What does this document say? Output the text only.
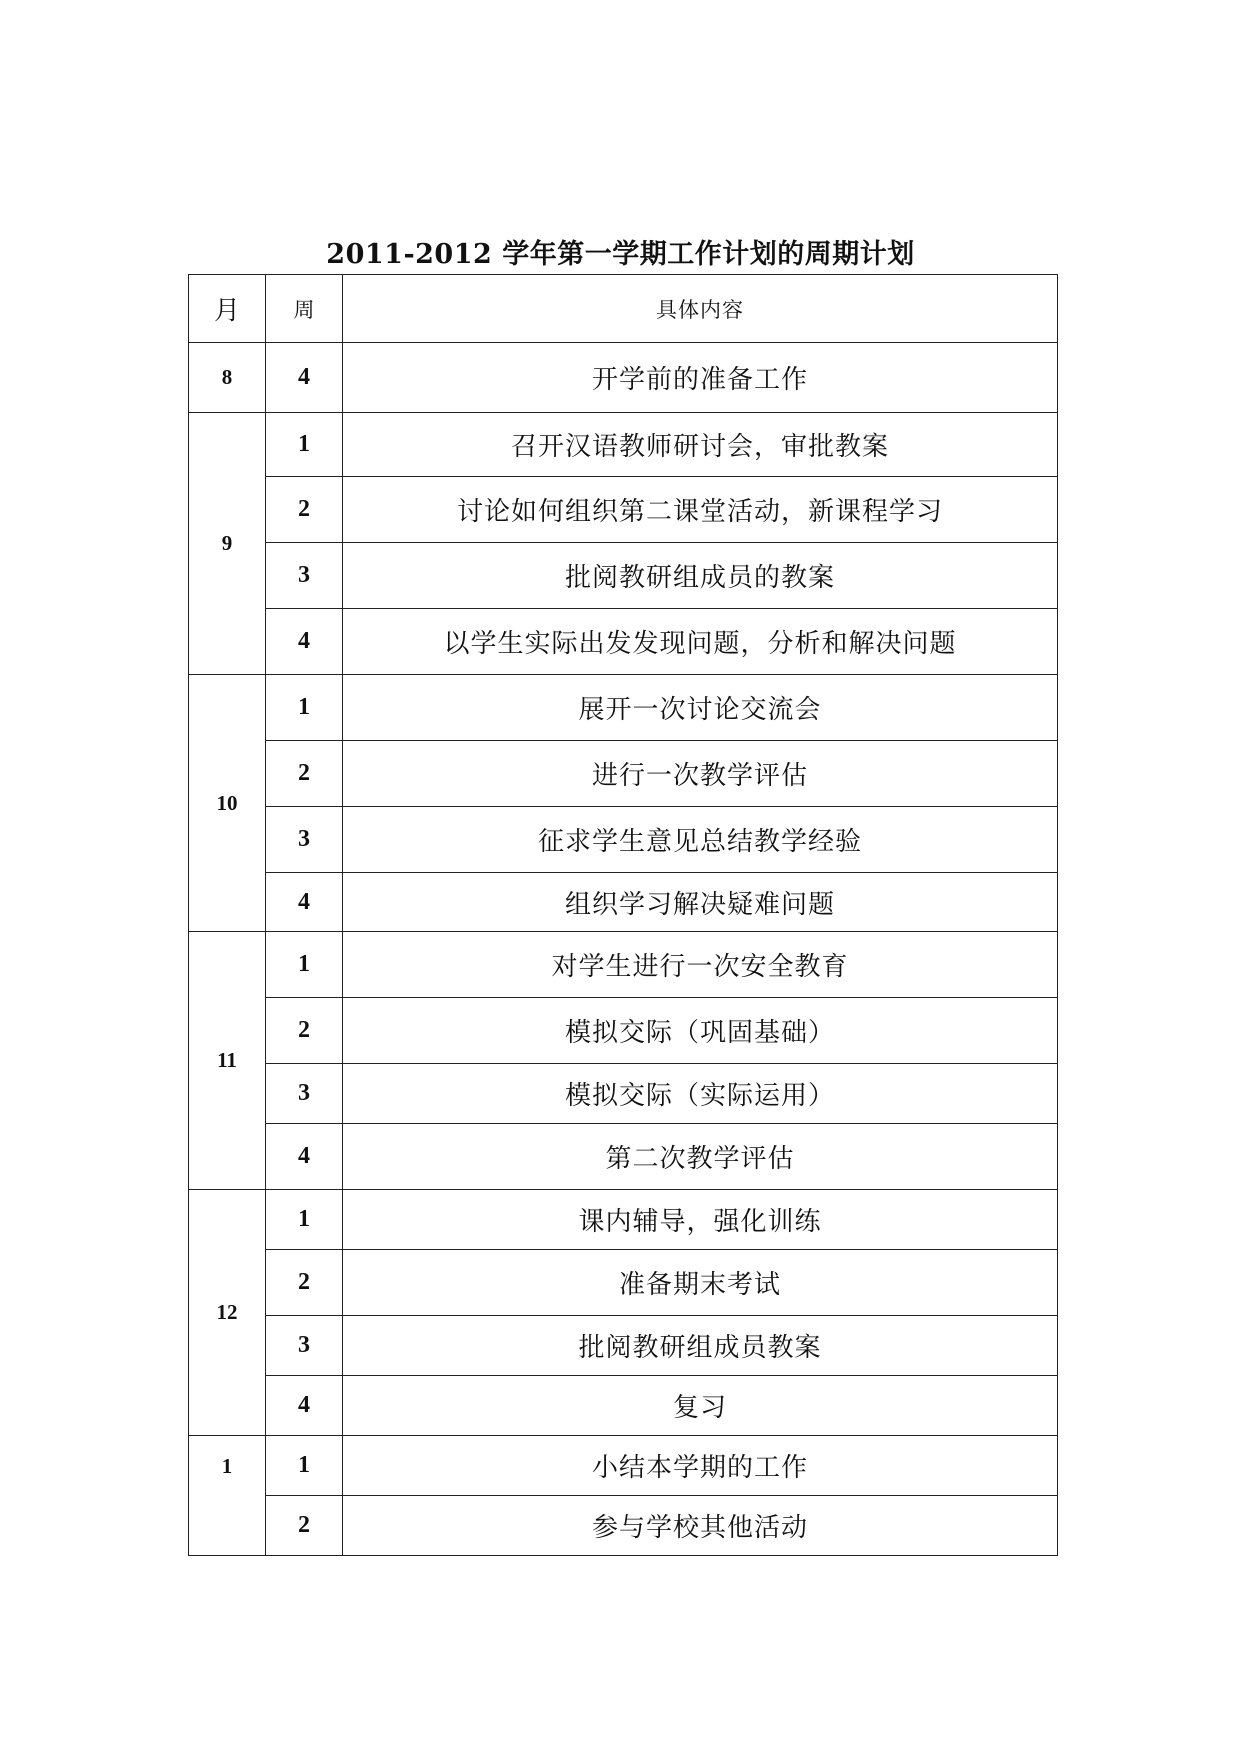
2011-2012 学年第一学期工作计划的周期计划
月	周	具体内容
8	4	开学前的准备工作
9	1	召开汉语教师研讨会，审批教案
	2	讨论如何组织第二课堂活动，新课程学习
	3	批阅教研组成员的教案
	4	以学生实际出发发现问题，分析和解决问题
10	1	展开一次讨论交流会
	2	进行一次教学评估
	3	征求学生意见总结教学经验
	4	组织学习解决疑难问题
11	1	对学生进行一次安全教育
	2	模拟交际（巩固基础）
	3	模拟交际（实际运用）
	4	第二次教学评估
12	1	课内辅导，强化训练
	2	准备期末考试
	3	批阅教研组成员教案
	4	复习
1	1	小结本学期的工作
	2	参与学校其他活动
